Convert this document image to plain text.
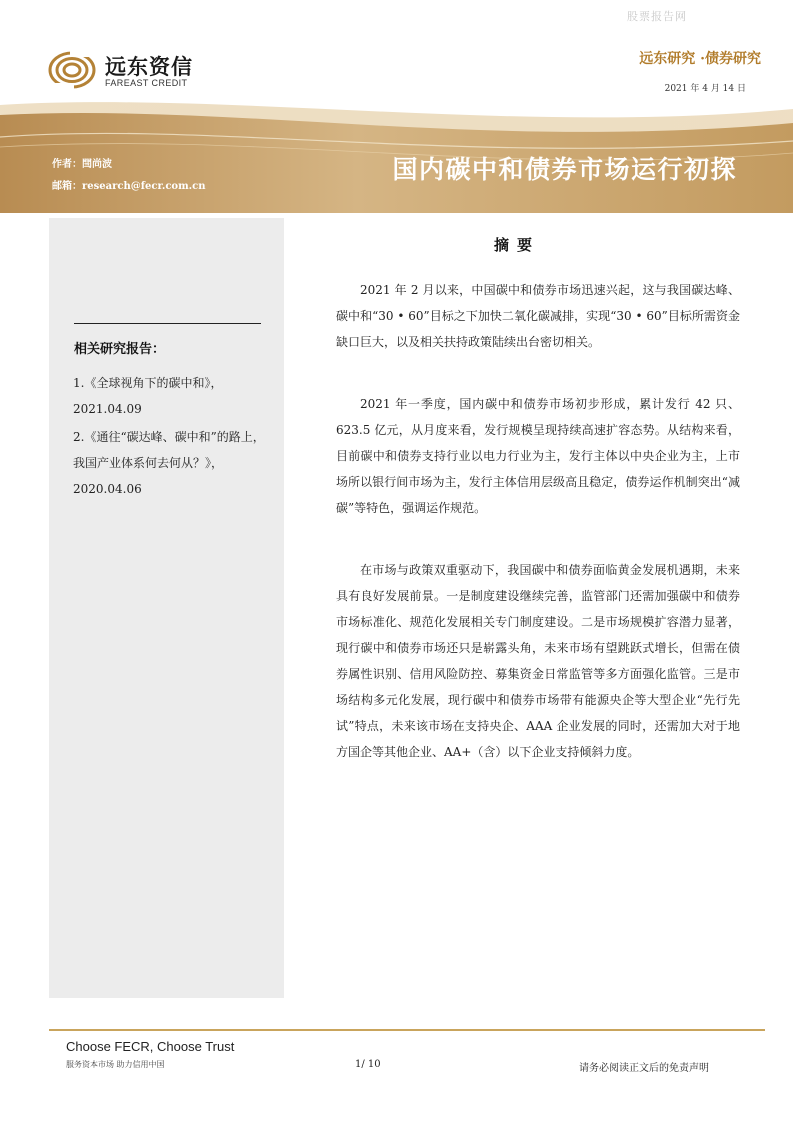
股票报告网
远东资信
FAREAST CREDIT
远东研究 ·债券研究
2021 年 4 月 14 日
作者：閆尚波
邮箱：research@fecr.com.cn
国内碳中和债券市场运行初探
相关研究报告：
1.《全球视角下的碳中和》，2021.04.09
2.《通往“碳达峰、碳中和”的路上，我国产业体系何去何从？》，2020.04.06
摘要

2021 年 2 月以来，中国碳中和债券市场迅速兴起，这与我国碳达峰、碳中和“30 • 60”目标之下加快二氧化碳减排，实现“30 • 60”目标所需资金缺口巨大，以及相关扶持政策陆续出台密切相关。

2021 年一季度，国内碳中和债券市场初步形成，累计发行 42 只、623.5 亿元，从月度来看，发行规模呈现持续高速扩容态势。从结构来看，目前碳中和债券支持行业以电力行业为主，发行主体以中央企业为主，上市场所以银行间市场为主，发行主体信用层级高且稳定，债券运作机制突出“减碳”等特色，强调运作规范。

在市场与政策双重驱动下，我国碳中和债券面临黄金发展机遇期，未来具有良好发展前景。一是制度建设继续完善，监管部门还需加强碳中和债券市场标准化、规范化发展相关专门制度建设。二是市场规模扩容潜力显著，现行碳中和债券市场还只是崭露头角，未来市场有望跳跃式增长，但需在债券属性识别、信用风险防控、募集资金日常监管等多方面强化监管。三是市场结构多元化发展，现行碳中和债券市场带有能源央企等大型企业“先行先试”特点，未来该市场在支持央企、AAA 企业发展的同时，还需加大对于地方国企等其他企业、AA+（含）以下企业支持倾斜力度。

Choose FECR, Choose Trust
服务资本市场 助力信用中国	1/ 10	请务必阅读正文后的免责声明
